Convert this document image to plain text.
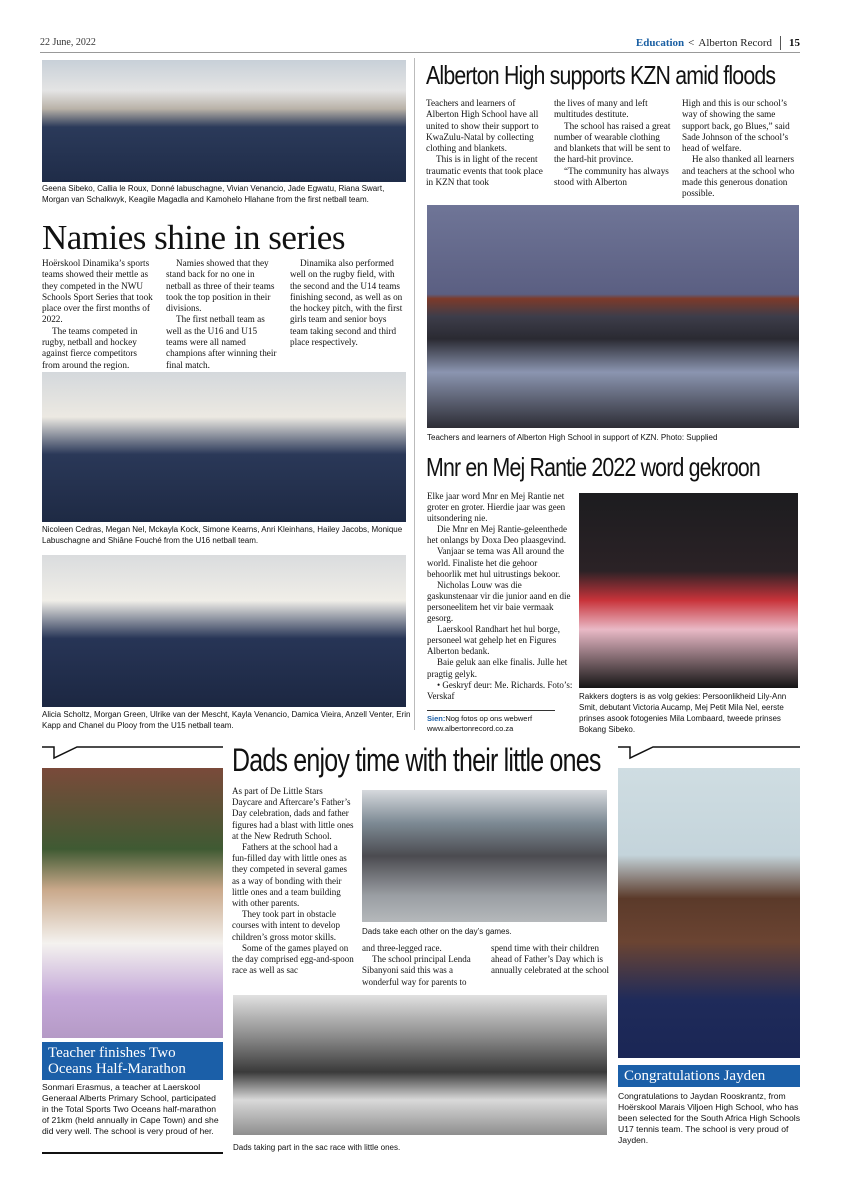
22 June, 2022	Education < Alberton Record 15
Geena Sibeko, Callia le Roux, Donné labuschagne, Vivian Venancio, Jade Egwatu, Riana Swart, Morgan van Schalkwyk, Keagile Magadla and Kamohelo Hlahane from the first netball team.
Namies shine in series

Hoërskool Dinamika’s sports teams showed their mettle as they competed in the NWU Schools Sport Series that took place over the first months of 2022.

The teams competed in rugby, netball and hockey against fierce competitors from around the region.

Namies showed that they stand back for no one in netball as three of their teams took the top position in their divisions.

The first netball team as well as the U16 and U15 teams were all named champions after winning their final match.

Dinamika also performed well on the rugby field, with the second and the U14 teams finishing second, as well as on the hockey pitch, with the first girls team and senior boys team taking second and third place respectively.

Nicoleen Cedras, Megan Nel, Mckayla Kock, Simone Kearns, Anri Kleinhans, Hailey Jacobs, Monique Labuschagne and Shiâne Fouché from the U16 netball team.
Alicia Scholtz, Morgan Green, Ulrike van der Mescht, Kayla Venancio, Damica Vieira, Anzell Venter, Erin Kapp and Chanel du Plooy from the U15 netball team.
Alberton High supports KZN amid floods

Teachers and learners of Alberton High School have all united to show their support to KwaZulu-Natal by collecting clothing and blankets.

This is in light of the recent traumatic events that took place in KZN that took

the lives of many and left multitudes destitute.

The school has raised a great number of wearable clothing and blankets that will be sent to the hard-hit province.

“The community has always stood with Alberton

High and this is our school’s way of showing the same support back, go Blues,” said Sade Johnson of the school’s head of welfare.

He also thanked all learners and teachers at the school who made this generous donation possible.

Teachers and learners of Alberton High School in support of KZN. Photo: Supplied
Mnr en Mej Rantie 2022 word gekroon

Elke jaar word Mnr en Mej Rantie net groter en groter. Hierdie jaar was geen uitsondering nie.

Die Mnr en Mej Rantie-geleenthede het onlangs by Doxa Deo plaasgevind.

Vanjaar se tema was All around the world. Finaliste het die gehoor behoorlik met hul uitrustings bekoor.

Nicholas Louw was die gaskunstenaar vir die junior aand en die personeelitem het vir baie vermaak gesorg.

Laerskool Randhart het hul borge, personeel wat gehelp het en Figures Alberton bedank.

Baie geluk aan elke finalis. Julle het pragtig gelyk.

• Geskryf deur: Me. Richards. Foto’s: Verskaf

Sien:Nog fotos op ons webwerf
www.albertonrecord.co.za
Rakkers dogters is as volg gekies: Persoonlikheid Lily-Ann Smit, debutant Victoria Aucamp, Mej Petit Mila Nel, eerste prinses asook fotogenies Mila Lombaard, tweede prinses Bokang Sibeko.
Teacher finishes Two Oceans Half-Marathon
Sonmari Erasmus, a teacher at Laerskool Generaal Alberts Primary School, participated in the Total Sports Two Oceans half-marathon of 21km (held annually in Cape Town) and she did very well. The school is very proud of her.
Dads enjoy time with their little ones

As part of De Little Stars Daycare and Aftercare’s Father’s Day celebration, dads and father figures had a blast with little ones at the New Redruth School.

Fathers at the school had a fun-filled day with little ones as they competed in several games as a way of bonding with their little ones and a team building with other parents.

They took part in obstacle courses with intent to develop children’s gross motor skills.

Some of the games played on the day comprised egg-and-spoon race as well as sac

Dads take each other on the day’s games.

and three-legged race.

The school principal Lenda Sibanyoni said this was a wonderful way for parents to

spend time with their children ahead of Father’s Day which is annually celebrated at the school

Dads taking part in the sac race with little ones.
Congratulations Jayden
Congratulations to Jaydan Rooskrantz, from Hoërskool Marais Viljoen High School, who has been selected for the South Africa High Schools U17 tennis team. The school is very proud of Jayden.
